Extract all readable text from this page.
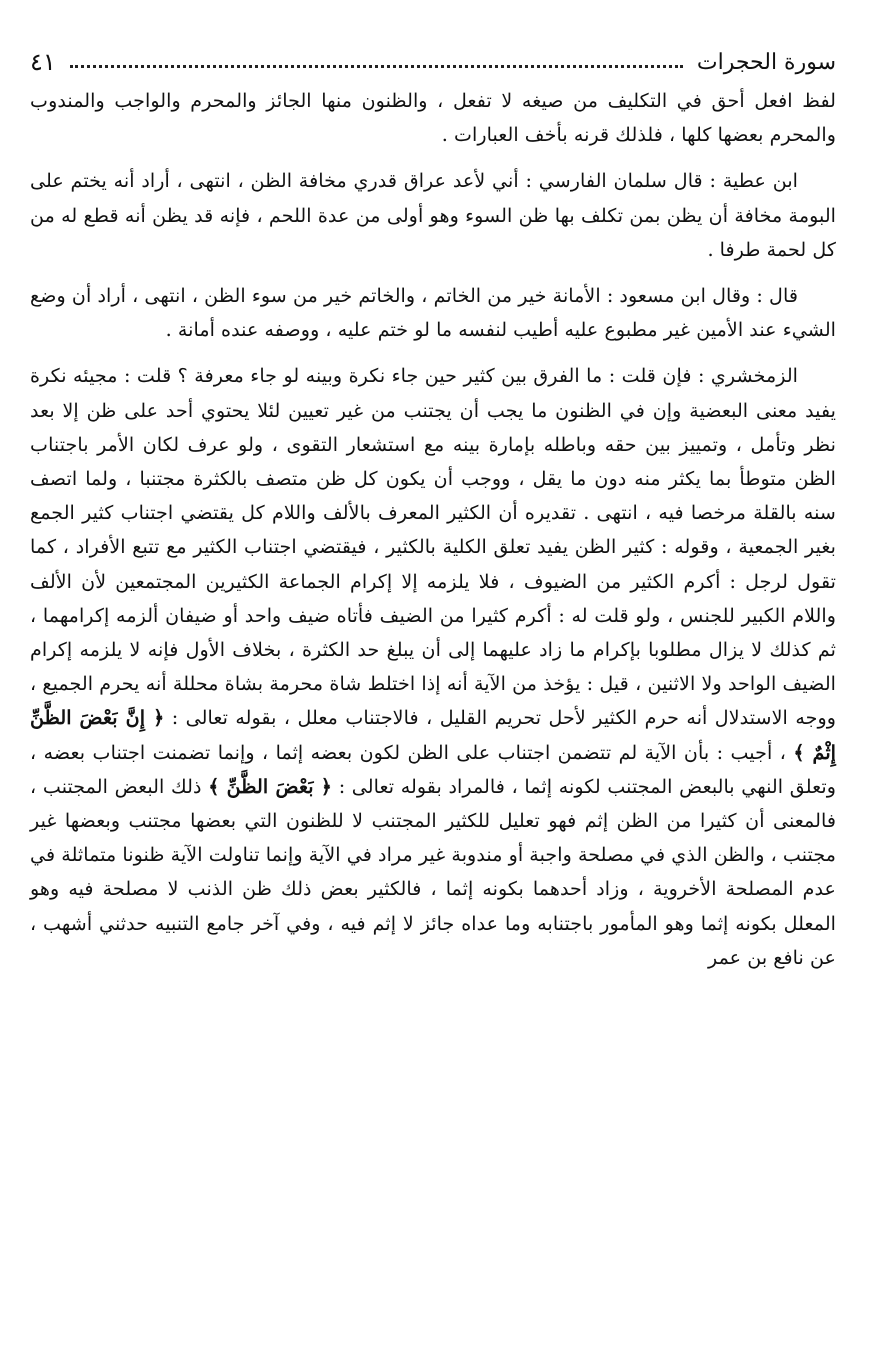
سورة الحجرات
٤١

لفظ افعل أحق في التكليف من صيغه لا تفعل ، والظنون منها الجائز والمحرم والواجب والمندوب والمحرم بعضها كلها ، فلذلك قرنه بأخف العبارات .

ابن عطية : قال سلمان الفارسي : أني لأعد عراق قدري مخافة الظن ، انتهى ، أراد أنه يختم على البومة مخافة أن يظن بمن تكلف بها ظن السوء وهو أولى من عدة اللحم ، فإنه قد يظن أنه قطع له من كل لحمة طرفا .

قال : وقال ابن مسعود : الأمانة خير من الخاتم ، والخاتم خير من سوء الظن ، انتهى ، أراد أن وضع الشيء عند الأمين غير مطبوع عليه أطيب لنفسه ما لو ختم عليه ، ووصفه عنده أمانة .

الزمخشري : فإن قلت : ما الفرق بين كثير حين جاء نكرة وبينه لو جاء معرفة ؟ قلت : مجيئه نكرة يفيد معنى البعضية وإن في الظنون ما يجب أن يجتنب من غير تعيين لئلا يحتوي أحد على ظن إلا بعد نظر وتأمل ، وتمييز بين حقه وباطله بإمارة بينه مع استشعار التقوى ، ولو عرف لكان الأمر باجتناب الظن متوطأ بما يكثر منه دون ما يقل ، ووجب أن يكون كل ظن متصف بالكثرة مجتنبا ، ولما اتصف سنه بالقلة مرخصا فيه ، انتهى . تقديره أن الكثير المعرف بالألف واللام كل يقتضي اجتناب كثير الجمع بغير الجمعية ، وقوله : كثير الظن يفيد تعلق الكلية بالكثير ، فيقتضي اجتناب الكثير مع تتبع الأفراد ، كما تقول لرجل : أكرم الكثير من الضيوف ، فلا يلزمه إلا إكرام الجماعة الكثيرين المجتمعين لأن الألف واللام الكبير للجنس ، ولو قلت له : أكرم كثيرا من الضيف فأتاه ضيف واحد أو ضيفان ألزمه إكرامهما ، ثم كذلك لا يزال مطلوبا بإكرام ما زاد عليهما إلى أن يبلغ حد الكثرة ، بخلاف الأول فإنه لا يلزمه إكرام الضيف الواحد ولا الاثنين ، قيل : يؤخذ من الآية أنه إذا اختلط شاة محرمة بشاة محللة أنه يحرم الجميع ، ووجه الاستدلال أنه حرم الكثير لأحل تحريم القليل ، فالاجتناب معلل ، بقوله تعالى : ﴿ إِنَّ بَعْضَ الظَّنِّ إِثْمٌ ﴾ ، أجيب : بأن الآية لم تتضمن اجتناب على الظن لكون بعضه إثما ، وإنما تضمنت اجتناب بعضه ، وتعلق النهي بالبعض المجتنب لكونه إثما ، فالمراد بقوله تعالى : ﴿ بَعْضَ الظَّنِّ ﴾ ذلك البعض المجتنب ، فالمعنى أن كثيرا من الظن إثم فهو تعليل للكثير المجتنب لا للظنون التي بعضها مجتنب وبعضها غير مجتنب ، والظن الذي في مصلحة واجبة أو مندوبة غير مراد في الآية وإنما تناولت الآية ظنونا متماثلة في عدم المصلحة الأخروية ، وزاد أحدهما بكونه إثما ، فالكثير بعض ذلك ظن الذنب لا مصلحة فيه وهو المعلل بكونه إثما وهو المأمور باجتنابه وما عداه جائز لا إثم فيه ، وفي آخر جامع التنبيه حدثني أشهب ، عن نافع بن عمر
